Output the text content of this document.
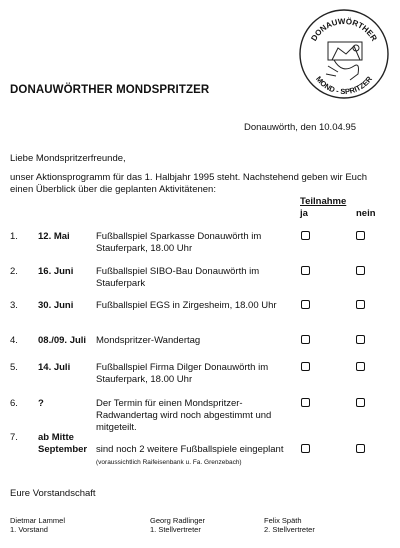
DONAUWÖRTHER
MOND - SPRITZER
DONAUWÖRTHER MONDSPRITZER
Donauwörth, den 10.04.95
Liebe Mondspritzerfreunde,
unser Aktionsprogramm für das 1. Halbjahr 1995 steht. Nachstehend geben wir Euch einen Überblick über die geplanten Aktivitätenen:
Teilnahme
ja	nein
1. 12. Mai	Fußballspiel Sparkasse Donauwörth im Stauferpark, 18.00 Uhr
2. 16. Juni Fußballspiel SIBO-Bau Donauwörth im Stauferpark
3. 30. Juni Fußballspiel EGS in Zirgesheim, 18.00 Uhr
4. 08./09. Juli Mondspritzer-Wandertag
5. 14. Juli	Fußballspiel Firma Dilger Donauwörth im Stauferpark, 18.00 Uhr
6. ?	Der Termin für einen Mondspritzer-Radwandertag wird noch abgestimmt und mitgeteilt.
7. ab Mitte September sind noch 2 weitere Fußballspiele eingeplant
(voraussichtlich Raifeisenbank u. Fa. Grenzebach)
Eure Vorstandschaft
Dietmar Lammel
1. Vorstand
Georg Radlinger
1. Stellvertreter
Felix Späth
2. Stellvertreter
